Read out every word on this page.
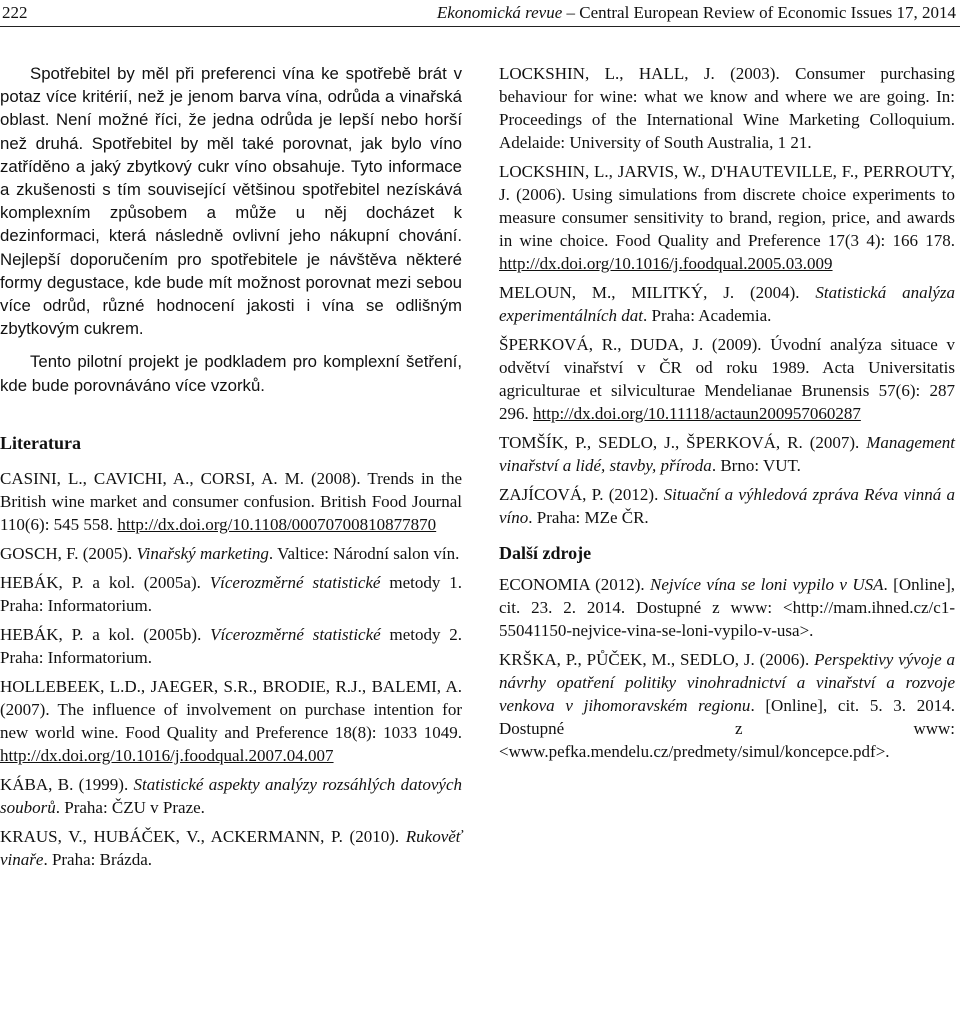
222	Ekonomická revue – Central European Review of Economic Issues 17, 2014

Spotřebitel by měl při preferenci vína ke spotřebě brát v potaz více kritérií, než je jenom barva vína, odrůda a vinařská oblast. Není možné říci, že jedna odrůda je lepší nebo horší než druhá. Spotřebitel by měl také porovnat, jak bylo víno zatříděno a jaký zbytkový cukr víno obsahuje. Tyto informace a zkušenosti s tím související většinou spotřebitel nezískává komplexním způsobem a může u něj docházet k dezinformaci, která následně ovlivní jeho nákupní chování. Nejlepší doporučením pro spotřebitele je návštěva některé formy degustace, kde bude mít možnost porovnat mezi sebou více odrůd, různé hodnocení jakosti i vína se odlišným zbytkovým cukrem.

Tento pilotní projekt je podkladem pro komplexní šetření, kde bude porovnáváno více vzorků.

Literatura

CASINI, L., CAVICHI, A., CORSI, A. M. (2008). Trends in the British wine market and consumer confusion. British Food Journal 110(6): 545 558. http://dx.doi.org/10.1108/00070700810877870

GOSCH, F. (2005). Vinařský marketing. Valtice: Národní salon vín.

HEBÁK, P. a kol. (2005a). Vícerozměrné statistické metody 1. Praha: Informatorium.

HEBÁK, P. a kol. (2005b). Vícerozměrné statistické metody 2. Praha: Informatorium.

HOLLEBEEK, L.D., JAEGER, S.R., BRODIE, R.J., BALEMI, A. (2007). The influence of involvement on purchase intention for new world wine. Food Quality and Preference 18(8): 1033 1049. http://dx.doi.org/10.1016/j.foodqual.2007.04.007

KÁBA, B. (1999). Statistické aspekty analýzy rozsáhlých datových souborů. Praha: ČZU v Praze.

KRAUS, V., HUBÁČEK, V., ACKERMANN, P. (2010). Rukověť vinaře. Praha: Brázda.

LOCKSHIN, L., HALL, J. (2003). Consumer purchasing behaviour for wine: what we know and where we are going. In: Proceedings of the International Wine Marketing Colloquium. Adelaide: University of South Australia, 1 21.

LOCKSHIN, L., JARVIS, W., D'HAUTEVILLE, F., PERROUTY, J. (2006). Using simulations from discrete choice experiments to measure consumer sensitivity to brand, region, price, and awards in wine choice. Food Quality and Preference 17(3 4): 166 178. http://dx.doi.org/10.1016/j.foodqual.2005.03.009

MELOUN, M., MILITKÝ, J. (2004). Statistická analýza experimentálních dat. Praha: Academia.

ŠPERKOVÁ, R., DUDA, J. (2009). Úvodní analýza situace v odvětví vinařství v ČR od roku 1989. Acta Universitatis agriculturae et silviculturae Mendelianae Brunensis 57(6): 287 296. http://dx.doi.org/10.11118/actaun200957060287

TOMŠÍK, P., SEDLO, J., ŠPERKOVÁ, R. (2007). Management vinařství a lidé, stavby, příroda. Brno: VUT.

ZAJÍCOVÁ, P. (2012). Situační a výhledová zpráva Réva vinná a víno. Praha: MZe ČR.

Další zdroje

ECONOMIA (2012). Nejvíce vína se loni vypilo v USA. [Online], cit. 23. 2. 2014. Dostupné z www: <http://mam.ihned.cz/c1-55041150-nejvice-vina-se-loni-vypilo-v-usa>.

KRŠKA, P., PŮČEK, M., SEDLO, J. (2006). Perspektivy vývoje a návrhy opatření politiky vinohradnictví a vinařství a rozvoje venkova v jihomoravském regionu. [Online], cit. 5. 3. 2014. Dostupné z www: <www.pefka.mendelu.cz/predmety/simul/koncepce.pdf>.
